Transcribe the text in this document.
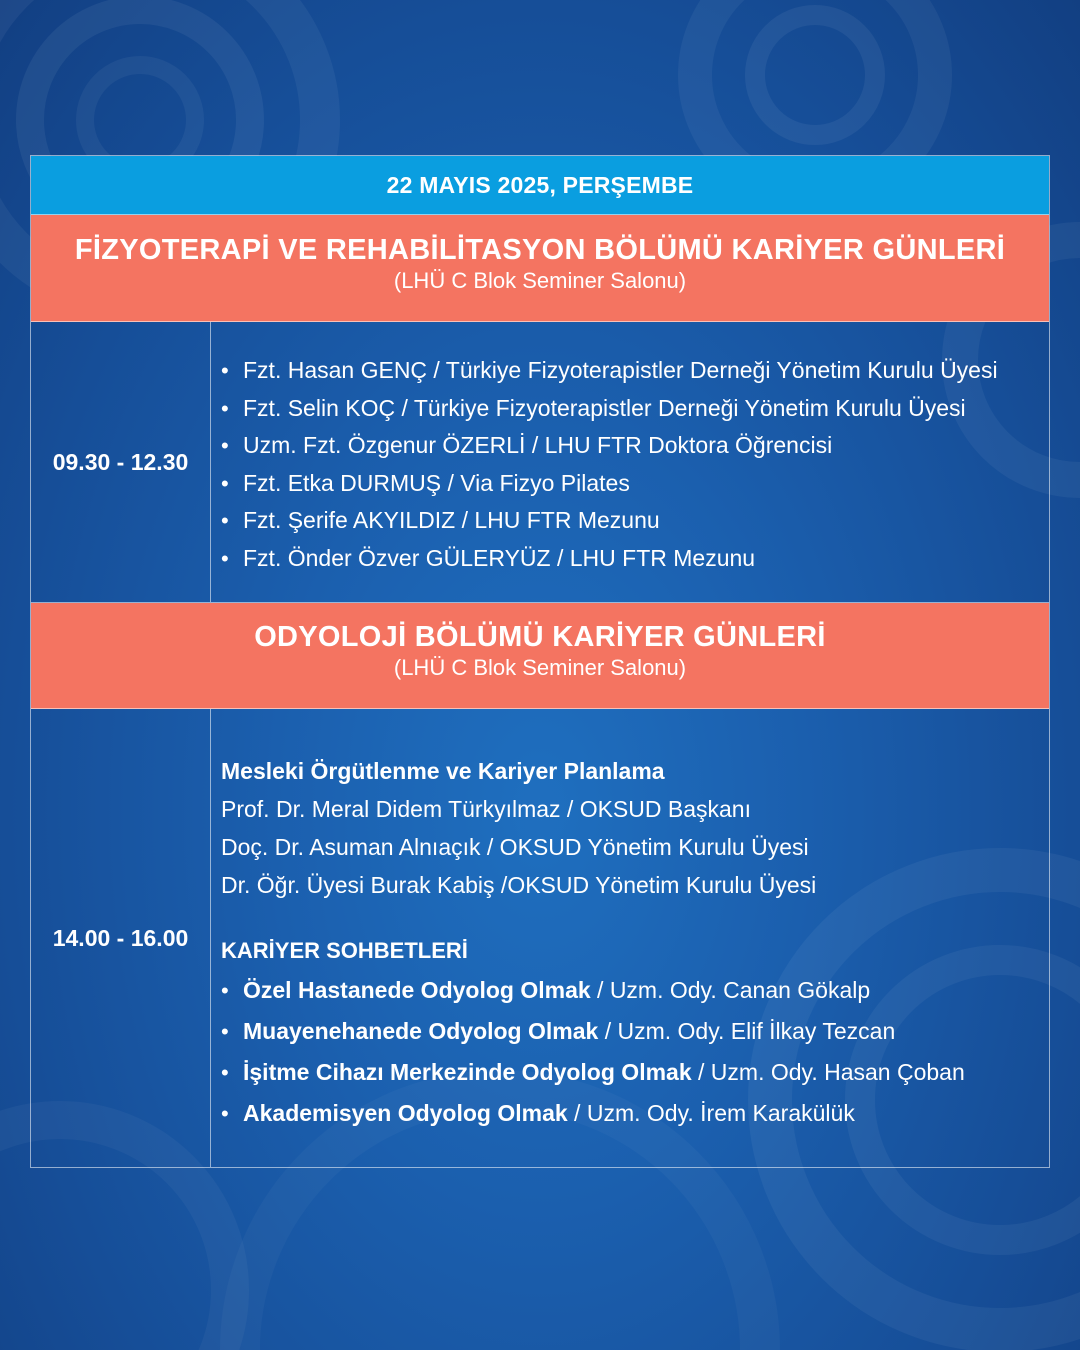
22 MAYIS 2025, PERŞEMBE
FİZYOTERAPİ VE REHABİLİTASYON BÖLÜMÜ KARİYER GÜNLERİ
(LHÜ C Blok Seminer Salonu)
09.30 - 12.30
• Fzt. Hasan GENÇ / Türkiye Fizyoterapistler Derneği Yönetim Kurulu Üyesi
• Fzt. Selin KOÇ / Türkiye Fizyoterapistler Derneği Yönetim Kurulu Üyesi
• Uzm. Fzt. Özgenur ÖZERLİ / LHU FTR Doktora Öğrencisi
• Fzt. Etka DURMUŞ / Via Fizyo Pilates
• Fzt. Şerife AKYILDIZ / LHU FTR Mezunu
• Fzt. Önder Özver GÜLERYÜZ / LHU FTR Mezunu
ODYOLOJİ BÖLÜMÜ KARİYER GÜNLERİ
(LHÜ C Blok Seminer Salonu)
14.00 - 16.00
Mesleki Örgütlenme ve Kariyer Planlama
Prof. Dr. Meral Didem Türkyılmaz / OKSUD Başkanı
Doç. Dr. Asuman Alnıaçık / OKSUD Yönetim Kurulu Üyesi
Dr. Öğr. Üyesi Burak Kabiş /OKSUD Yönetim Kurulu Üyesi
KARİYER SOHBETLERİ
• Özel Hastanede Odyolog Olmak / Uzm. Ody. Canan Gökalp
• Muayenehanede Odyolog Olmak / Uzm. Ody. Elif İlkay Tezcan
• İşitme Cihazı Merkezinde Odyolog Olmak / Uzm. Ody. Hasan Çoban
• Akademisyen Odyolog Olmak / Uzm. Ody. İrem Karakülük
